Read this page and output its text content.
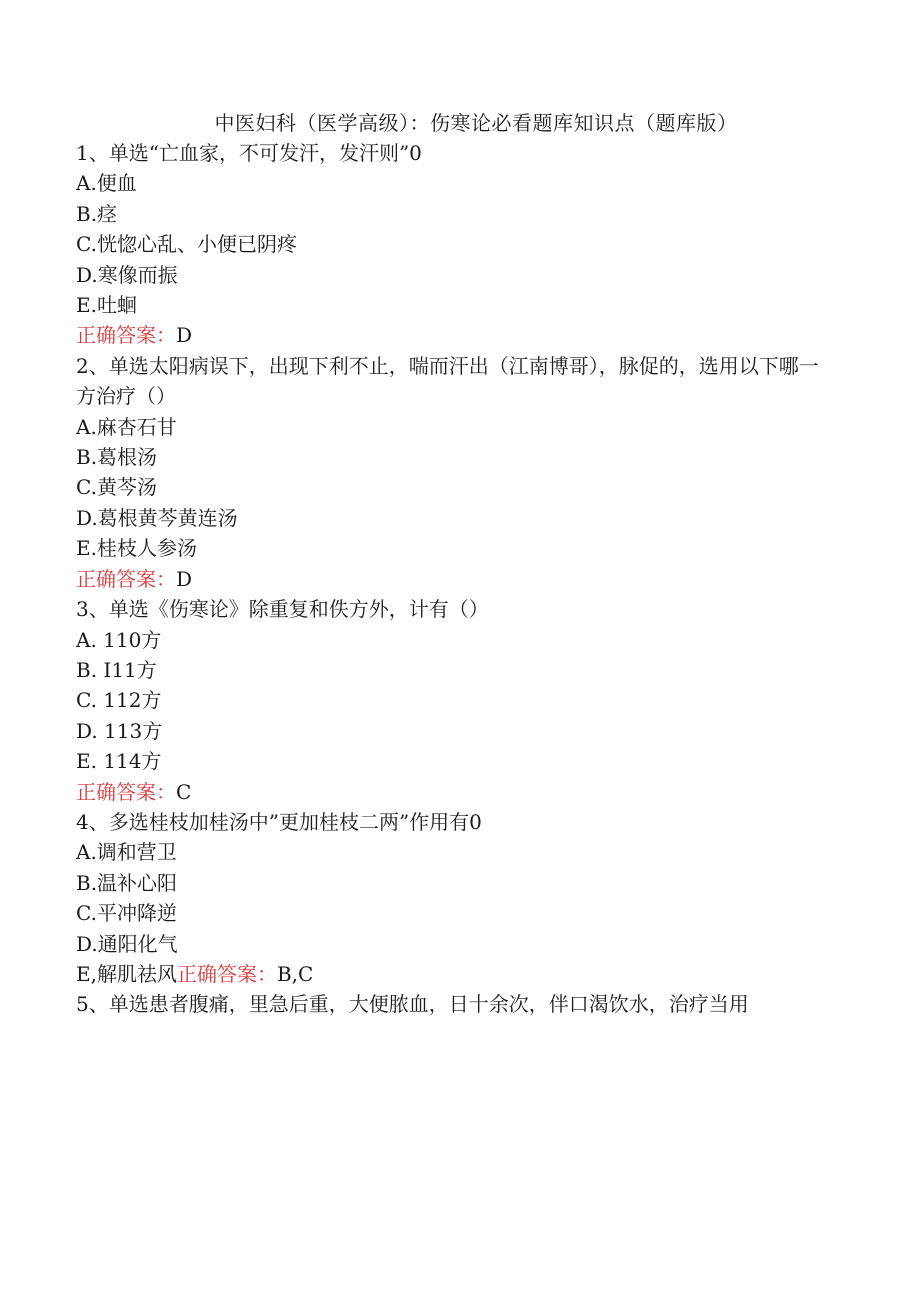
中医妇科（医学高级）：伤寒论必看题库知识点（题库版）

1、单选“亡血家，不可发汗，发汗则”0

A.便血

B.痉

C.恍惚心乱、小便已阴疼

D.寒像而振

E.吐蛔

正确答案：D

2、单选太阳病误下，出现下利不止，喘而汗出（江南博哥），脉促的，选用以下哪一方治疗（）

A.麻杏石甘

B.葛根汤

C.黄芩汤

D.葛根黄芩黄连汤

E.桂枝人参汤

正确答案：D

3、单选《伤寒论》除重复和佚方外，计有（）

A. 110方

B. I11方

C. 112方

D. 113方

E. 114方

正确答案：C

4、多选桂枝加桂汤中”更加桂枝二两”作用有0

A.调和营卫

B.温补心阳

C.平冲降逆

D.通阳化气

E,解肌祛风正确答案：B,C

5、单选患者腹痛，里急后重，大便脓血，日十余次，伴口渴饮水，治疗当用
